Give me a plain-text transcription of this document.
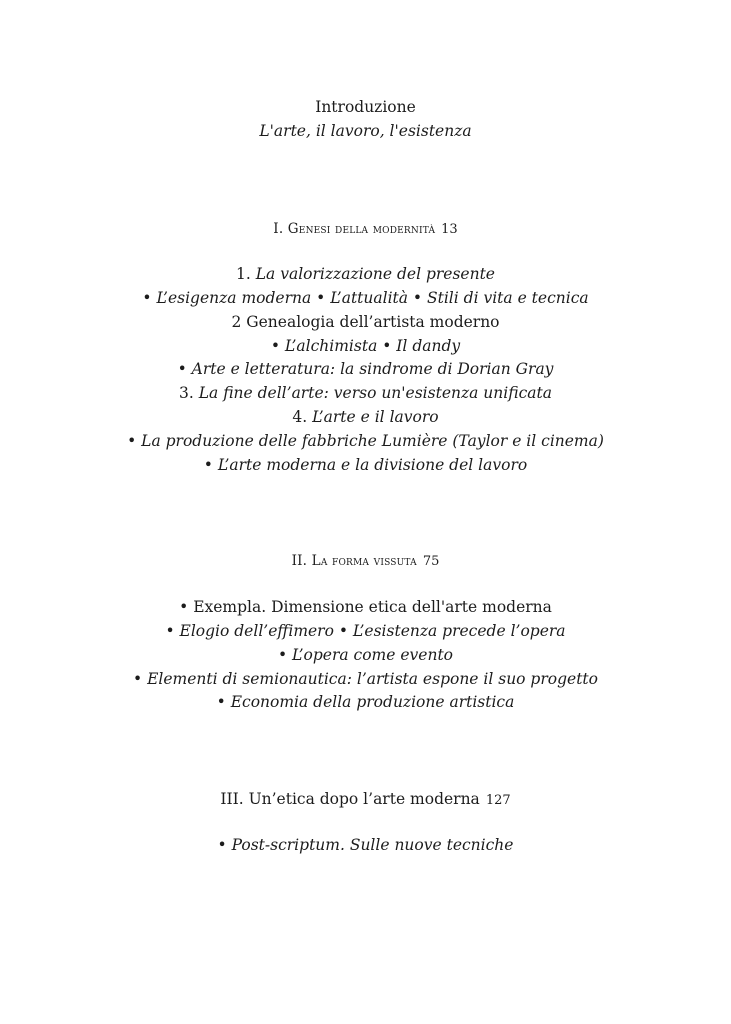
Introduzione
L'arte, il lavoro, l'esistenza
I. Genesi della modernità 13
1. La valorizzazione del presente
• L’esigenza moderna • L’attualità • Stili di vita e tecnica
2 Genealogia dell’artista moderno
• L’alchimista • Il dandy
• Arte e letteratura: la sindrome di Dorian Gray
3. La fine dell’arte: verso un'esistenza unificata
4. L’arte e il lavoro
• La produzione delle fabbriche Lumière (Taylor e il cinema)
• L’arte moderna e la divisione del lavoro
II. La forma vissuta 75
• Exempla. Dimensione etica dell'arte moderna
• Elogio dell’effimero • L’esistenza precede l’opera
• L’opera come evento
• Elementi di semionautica: l’artista espone il suo progetto
• Economia della produzione artistica
III. Un’etica dopo l’arte moderna 127
• Post-scriptum. Sulle nuove tecniche
